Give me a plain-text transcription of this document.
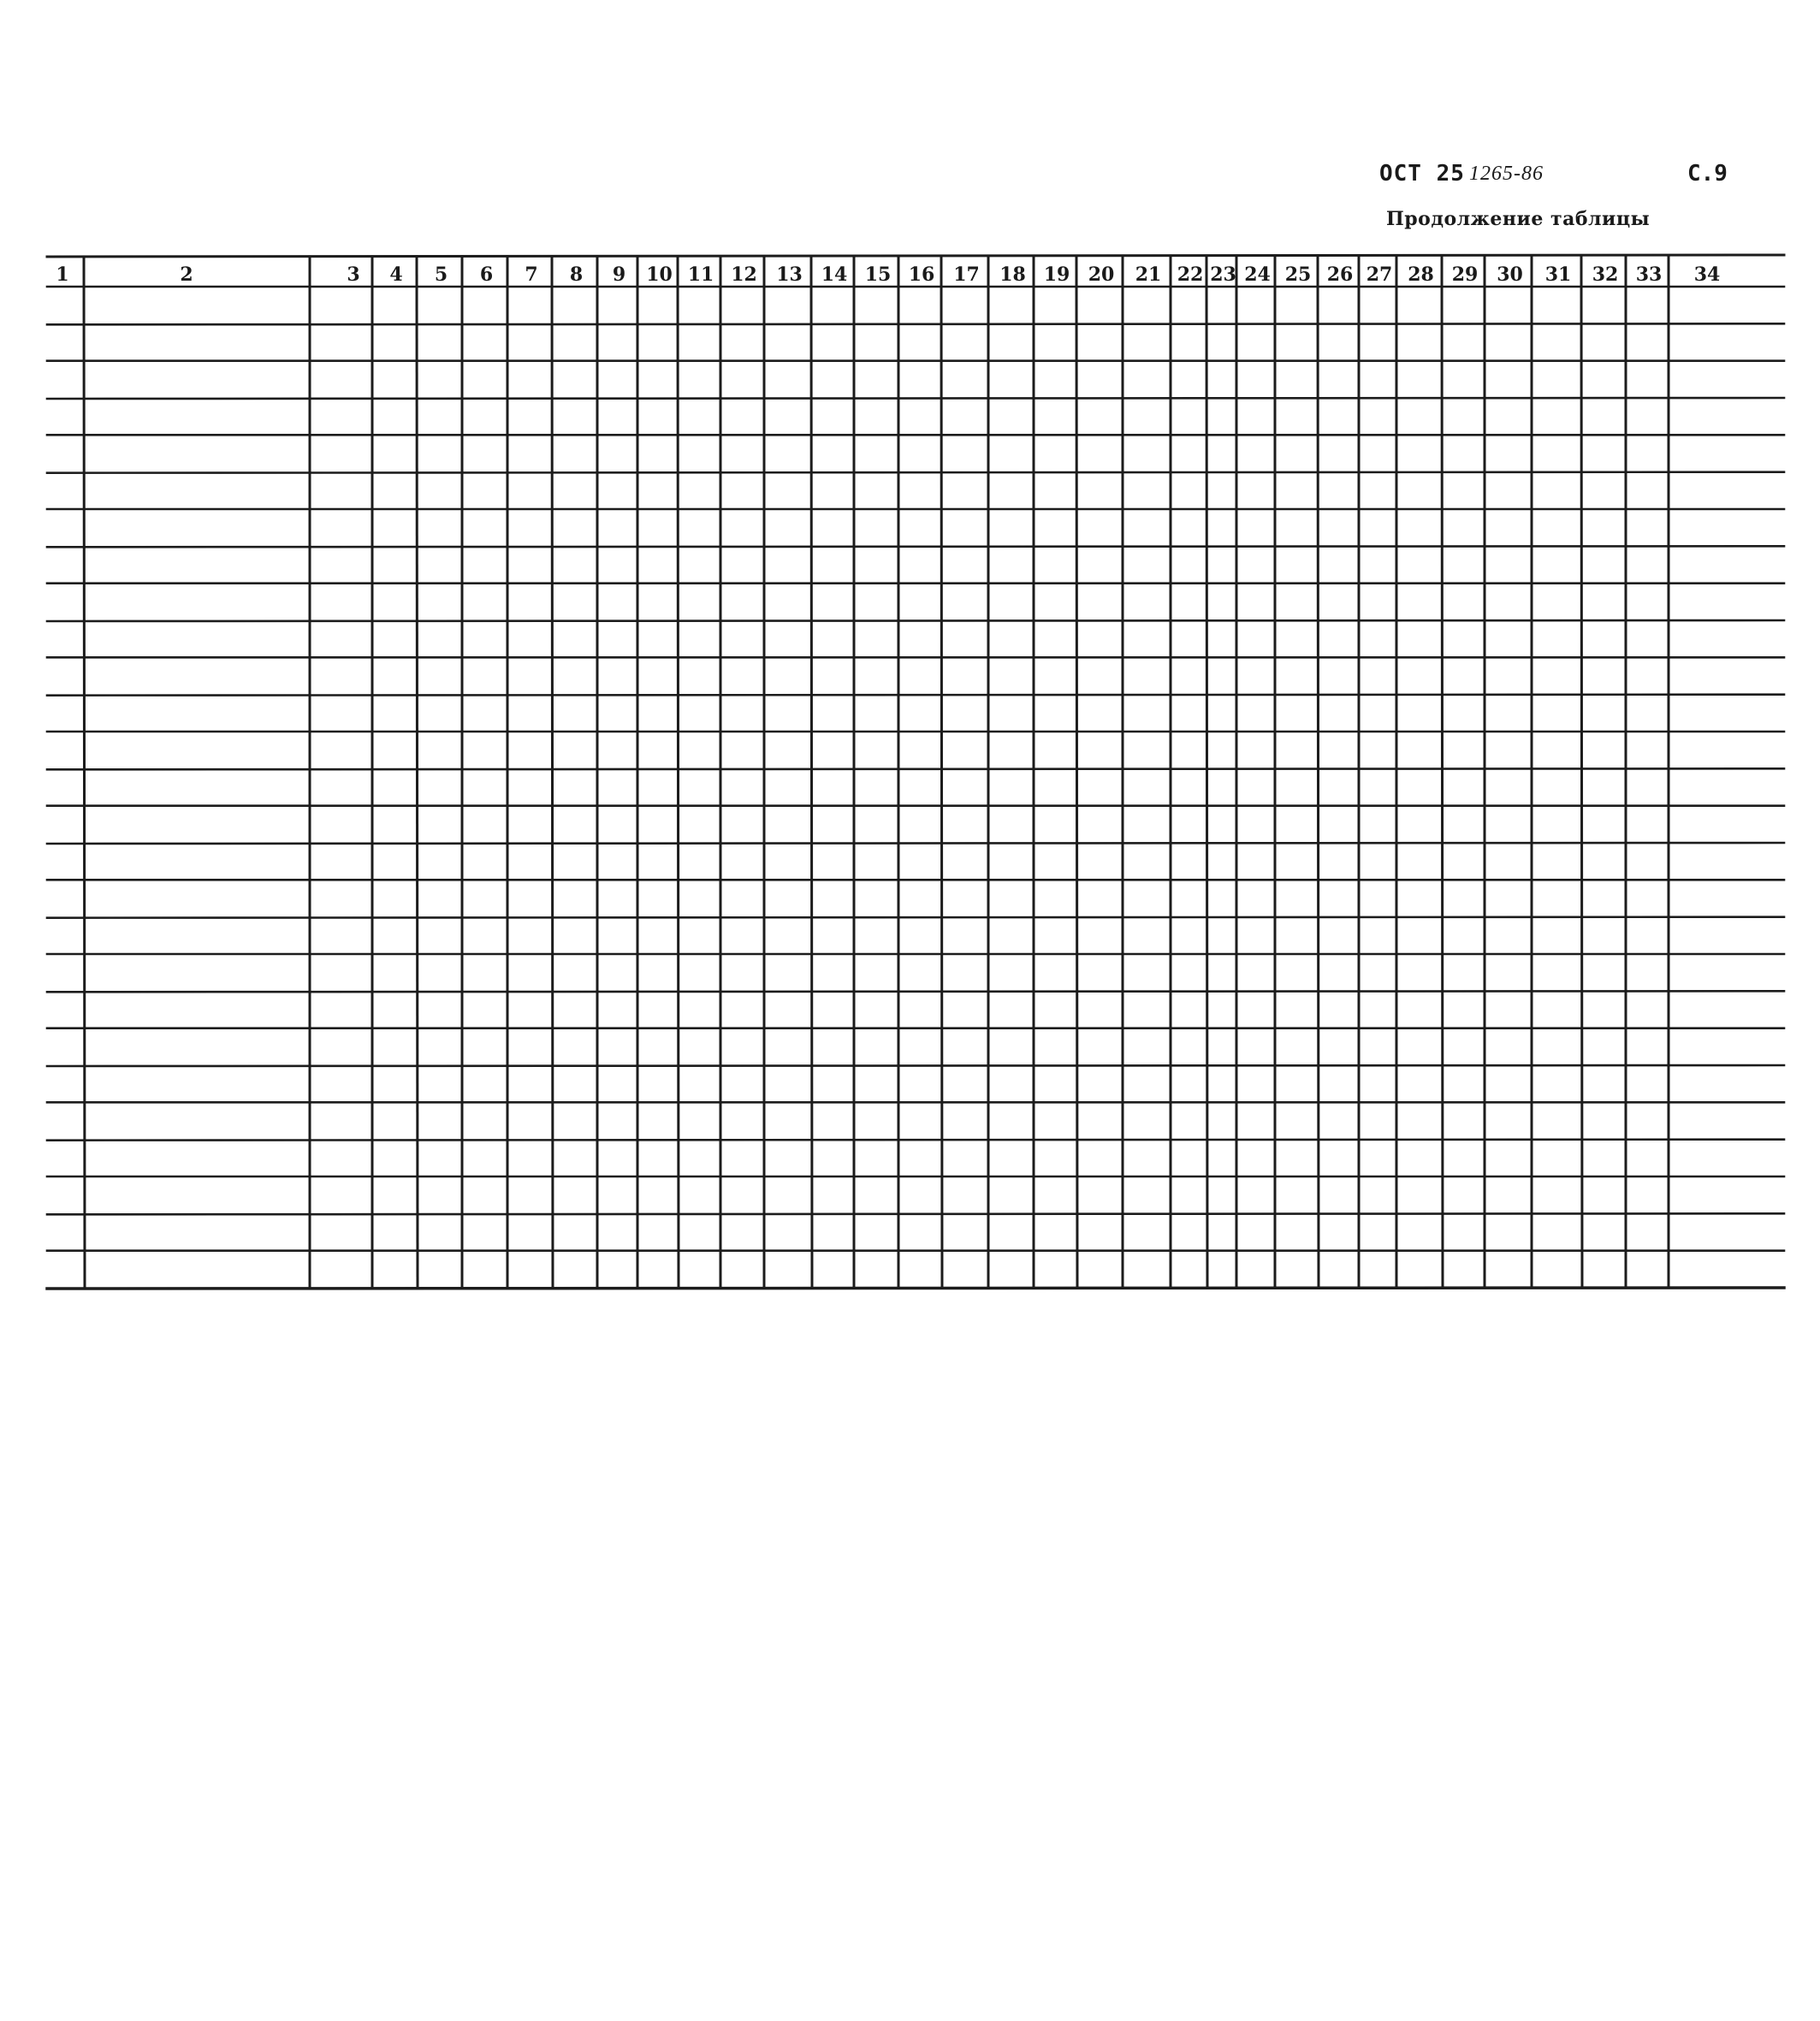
ОСТ 25 1265-86	С.9
Продолжение таблицы
1	2	3 4 5 6 7 8 9 10 11 12 13 14 15 16 17 18 19 20 21 22 23 24 25 26 27 28 29 30 31 32 33 34
